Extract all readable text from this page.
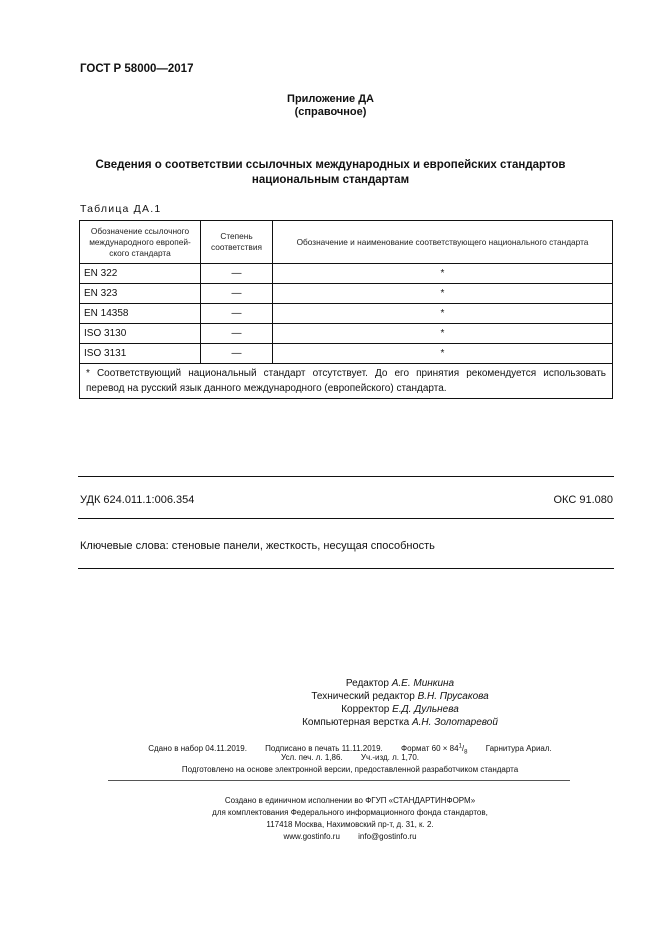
ГОСТ Р 58000—2017
Приложение ДА
(справочное)
Сведения о соответствии ссылочных международных и европейских стандартов
национальным стандартам
Таблица ДА.1
Обозначение ссылочного международного европей-ского стандарта	Степень соответствия	Обозначение и наименование соответствующего национального стандарта
EN 322	—	*
EN 323	—	*
EN 14358	—	*
ISO 3130	—	*
ISO 3131	—	*
* Соответствующий национальный стандарт отсутствует. До его принятия рекомендуется использовать перевод на русский язык данного международного (европейского) стандарта.		
УДК 624.011.1:006.354	ОКС 91.080
Ключевые слова: стеновые панели, жесткость, несущая способность
Редактор А.Е. Минкина
Технический редактор В.Н. Прусакова
Корректор Е.Д. Дульнева
Компьютерная верстка А.Н. Золотаревой
Сдано в набор 04.11.2019. Подписано в печать 11.11.2019. Формат $60 \times 84^1/_8$ Гарнитура Ариал.
Усл. печ. л. 1,86. Уч.-изд. л. 1,70.
Подготовлено на основе электронной версии, предоставленной разработчиком стандарта
Создано в единичном исполнении во ФГУП «СТАНДАРТИНФОРМ»
для комплектования Федерального информационного фонда стандартов,
117418 Москва, Нахимовский пр-т, д. 31, к. 2.
www.gostinfo.ru info@gostinfo.ru
